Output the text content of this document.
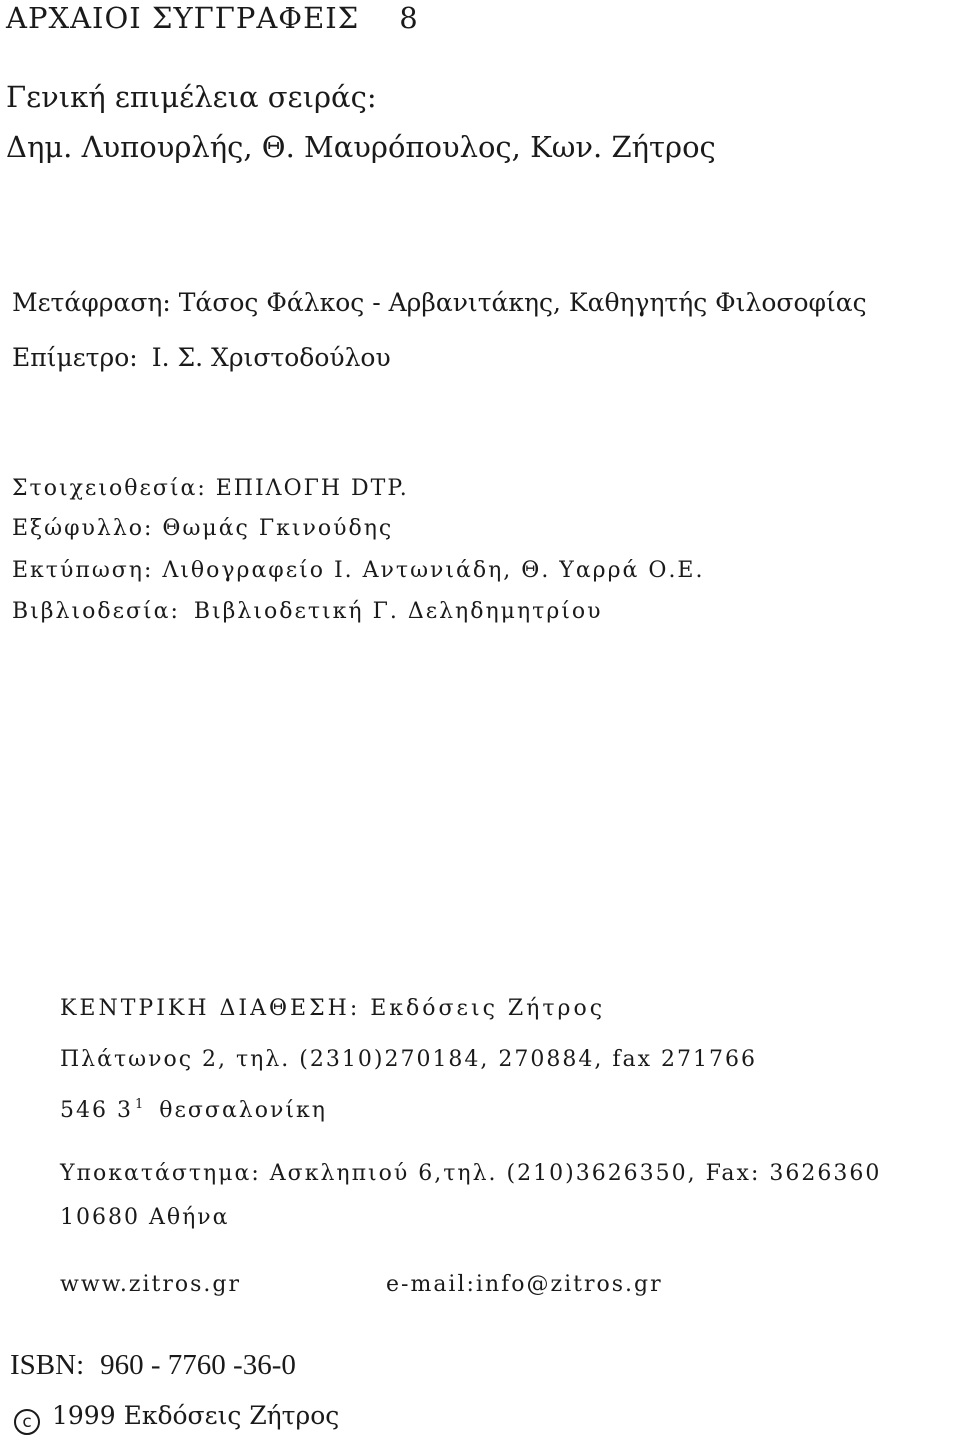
ΑΡΧΑΙΟΙ ΣΥΓΓΡΑΦΕΙΣ 8
Γενική επιμέλεια σειράς:
Δημ. Λυπουρλής, Θ. Μαυρόπουλος, Κων. Ζήτρος
Μετάφραση: Τάσος Φάλκος - Αρβανιτάκης, Καθηγητής Φιλοσοφίας
Επίμετρο: Ι. Σ. Χριστοδούλου
Στοιχειοθεσία: ΕΠΙΛΟΓΗ DTP.
Εξώφυλλο: Θωμάς Γκινούδης
Εκτύπωση: Λιθογραφείο Ι. Αντωνιάδη, Θ. Υαρρά Ο.Ε.
Βιβλιοδεσία: Βιβλιοδετική Γ. Δεληδημητρίου
ΚΕΝΤΡΙΚΗ ΔΙΑΘΕΣΗ: Εκδόσεις Ζήτρος
Πλάτωνος 2, τηλ. (2310)270184, 270884, fax 271766
546 3 $^1$ θεσσαλονίκη
Υποκατάστημα: Ασκληπιού 6,τηλ. (210)3626350, Fax: 3626360
10680 Αθήνα
www.zitros.gr	e-mail:info@zitros.gr
ISBN: 960 - 7760 -36-0
c 1999 Εκδόσεις Ζήτρος
